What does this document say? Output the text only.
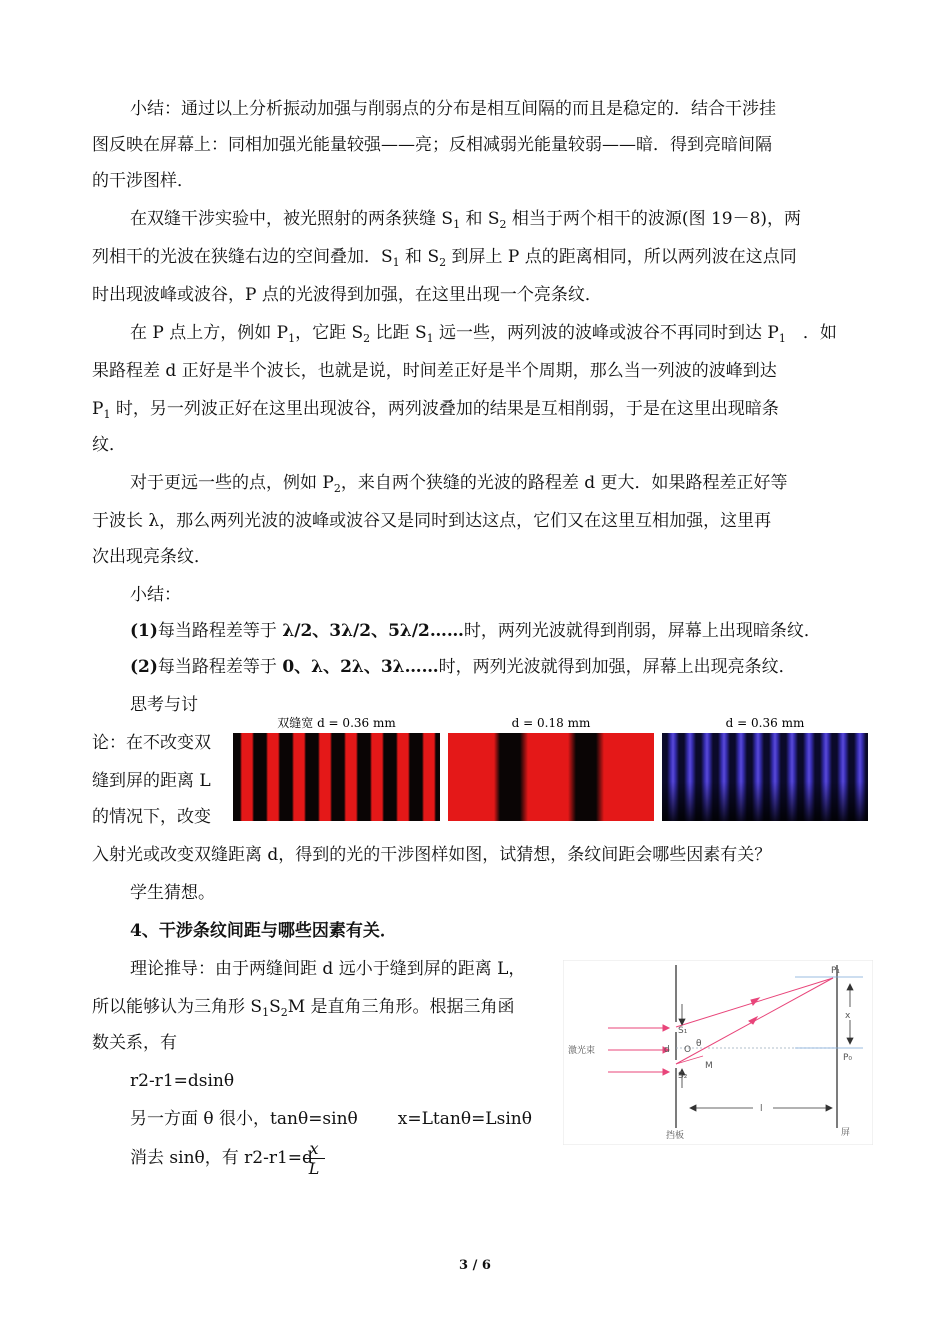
小结：通过以上分析振动加强与削弱点的分布是相互间隔的而且是稳定的．结合干涉挂
图反映在屏幕上：同相加强光能量较强——亮；反相减弱光能量较弱——暗．得到亮暗间隔
的干涉图样．
在双缝干涉实验中，被光照射的两条狭缝 $S_1$ 和 $S_2$ 相当于两个相干的波源(图 19－8)，两
列相干的光波在狭缝右边的空间叠加．$S_1$ 和 $S_2$ 到屏上 P 点的距离相同，所以两列波在这点同
时出现波峰或波谷，P 点的光波得到加强，在这里出现一个亮条纹．
在 P 点上方，例如 $P_1$，它距 $S_2$ 比距 $S_1$ 远一些，两列波的波峰或波谷不再同时到达 $P_1$　．如
果路程差 d 正好是半个波长，也就是说，时间差正好是半个周期，那么当一列波的波峰到达
$P_1$ 时，另一列波正好在这里出现波谷，两列波叠加的结果是互相削弱，于是在这里出现暗条
纹．
对于更远一些的点，例如 $P_2$，来自两个狭缝的光波的路程差 d 更大．如果路程差正好等
于波长 λ，那么两列光波的波峰或波谷又是同时到达这点，它们又在这里互相加强，这里再
次出现亮条纹．
小结：
(1)每当路程差等于 λ/2、3λ/2、5λ/2……时，两列光波就得到削弱，屏幕上出现暗条纹．
(2)每当路程差等于 0、λ、2λ、3λ……时，两列光波就得到加强，屏幕上出现亮条纹．
思考与讨
论：在不改变双
缝到屏的距离 L
的情况下，改变
入射光或改变双缝距离 d，得到的光的干涉图样如图，试猜想，条纹间距会哪些因素有关？
学生猜想。
双缝宽 d = 0.36 mm	d = 0.18 mm	d = 0.36 mm
4、干涉条纹间距与哪些因素有关．
理论推导：由于两缝间距 d 远小于缝到屏的距离 L，
所以能够认为三角形 $S_1S_2M$ 是直角三角形。根据三角函
数关系，有
r2-r1=dsinθ
另一方面 θ 很小，tanθ=sinθ x=Ltanθ=Lsinθ
消去 sinθ，有 r2-r1=d
x
L
P₁
P₀
x
S₁
S₂
d O
θ
M
激光束
l
挡板	屏
3 / 6
